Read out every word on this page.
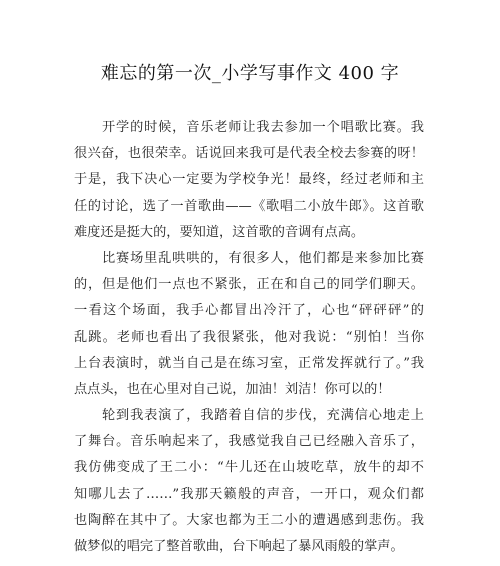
难忘的第一次_小学写事作文 400 字
开学的时候，音乐老师让我去参加一个唱歌比赛。我
很兴奋，也很荣幸。话说回来我可是代表全校去参赛的呀！
于是，我下决心一定要为学校争光！最终，经过老师和主
任的讨论，选了一首歌曲——《歌唱二小放牛郎》。这首歌
难度还是挺大的，要知道，这首歌的音调有点高。
比赛场里乱哄哄的，有很多人，他们都是来参加比赛
的，但是他们一点也不紧张，正在和自己的同学们聊天。
一看这个场面，我手心都冒出冷汗了，心也“砰砰砰”的
乱跳。老师也看出了我很紧张，他对我说：“别怕！当你
上台表演时，就当自己是在练习室，正常发挥就行了。”我
点点头，也在心里对自己说，加油！刘洁！你可以的！
轮到我表演了，我踏着自信的步伐，充满信心地走上
了舞台。音乐响起来了，我感觉我自己已经融入音乐了，
我仿佛变成了王二小：“牛儿还在山坡吃草，放牛的却不
知哪儿去了……”我那天籁般的声音，一开口，观众们都
也陶醉在其中了。大家也都为王二小的遭遇感到悲伤。我
做梦似的唱完了整首歌曲，台下响起了暴风雨般的掌声。
